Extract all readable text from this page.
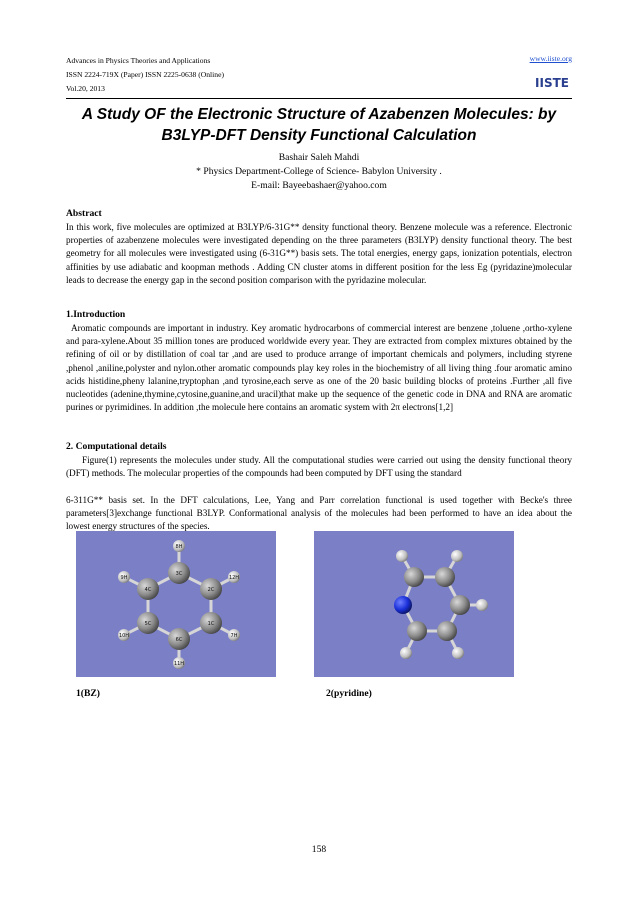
Advances in Physics Theories and Applications
ISSN 2224-719X (Paper) ISSN 2225-0638 (Online)
Vol.20, 2013
www.iiste.org
IISTE
A Study OF the Electronic Structure of Azabenzen Molecules: by
B3LYP-DFT Density Functional Calculation
Bashair Saleh Mahdi
* Physics Department-College of Science- Babylon University .
E-mail: Bayeebashaer@yahoo.com
Abstract
In this work, five molecules are optimized at B3LYP/6-31G** density functional theory. Benzene molecule was a reference. Electronic properties of azabenzene molecules were investigated depending on the three parameters (B3LYP) density functional theory. The best geometry for all molecules were investigated using (6-31G**) basis sets. The total energies, energy gaps, ionization potentials, electron affinities by use adiabatic and koopman methods . Adding CN cluster atoms in different position for the less Eg (pyridazine)molecular leads to decrease the energy gap in the second position comparison with the pyridazine molecular.
1.Introduction
Aromatic compounds are important in industry. Key aromatic hydrocarbons of commercial interest are benzene ,toluene ,ortho-xylene and para-xylene.About 35 million tones are produced worldwide every year. They are extracted from complex mixtures obtained by the refining of oil or by distillation of coal tar ,and are used to produce arrange of important chemicals and polymers, including styrene ,phenol ,aniline,polyster and nylon.other aromatic compounds play key roles in the biochemistry of all living thing .four aromatic amino acids histidine,pheny lalanine,tryptophan ,and tyrosine,each serve as one of the 20 basic building blocks of proteins .Further ,all five nucleotides (adenine,thymine,cytosine,guanine,and uracil)that make up the sequence of the genetic code in DNA and RNA are aromatic purines or pyrimidines. In addition ,the molecule here contains an aromatic system with 2π electrons[1,2]
2. Computational details
Figure(1) represents the molecules under study. All the computational studies were carried out using the density functional theory (DFT) methods. The molecular properties of the compounds had been computed by DFT using the standard
6-311G** basis set. In the DFT calculations, Lee, Yang and Parr correlation functional is used together with Becke's three parameters[3]exchange functional B3LYP. Conformational analysis of the molecules had been performed to have an idea about the lowest energy structures of the species.
8H
9H	12H
4C
3C
2C
5C	1C
6C
10H	7H
11H
1(BZ)	2(pyridine)
158
